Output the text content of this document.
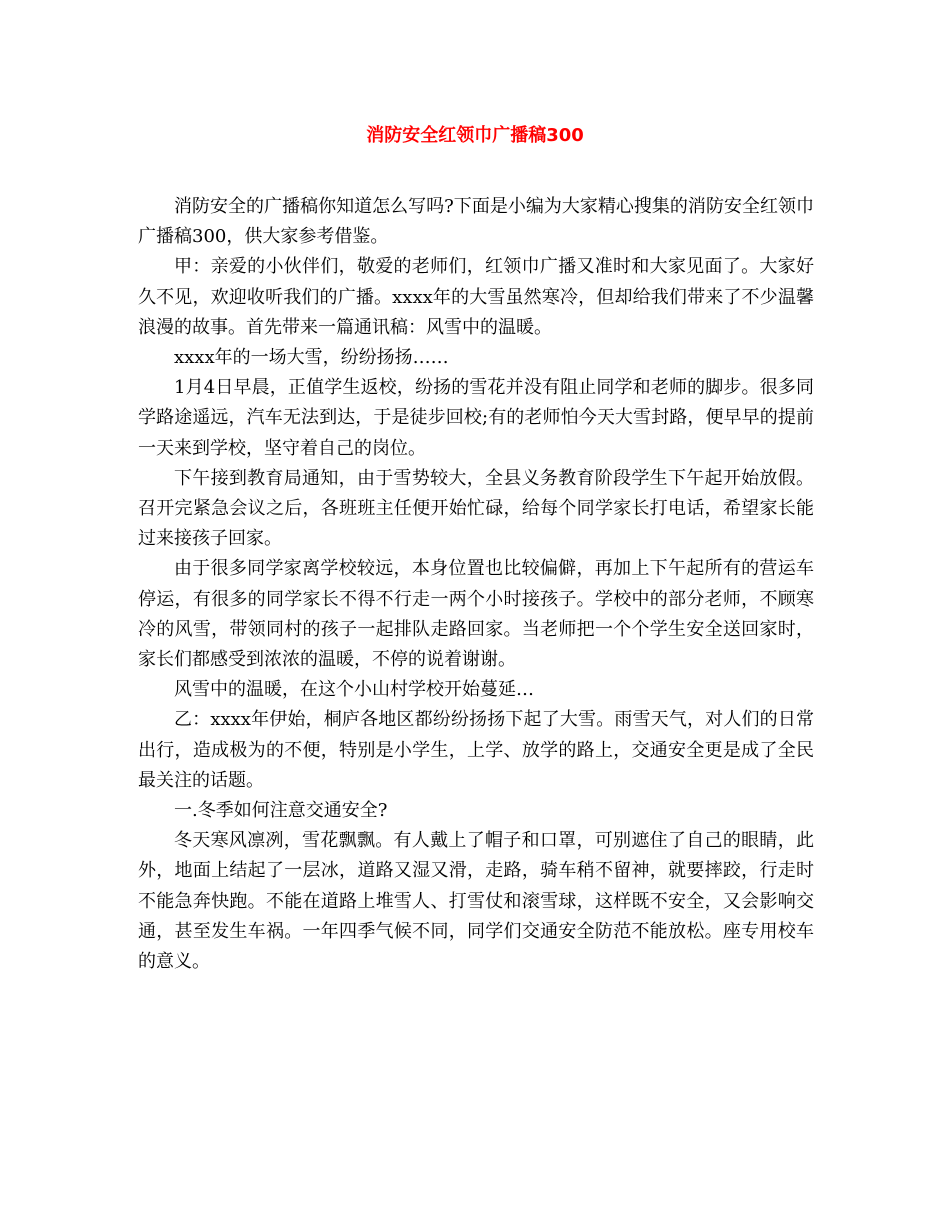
消防安全红领巾广播稿300

消防安全的广播稿你知道怎么写吗?下面是小编为大家精心搜集的消防安全红领巾广播稿300，供大家参考借鉴。

甲：亲爱的小伙伴们，敬爱的老师们，红领巾广播又准时和大家见面了。大家好久不见，欢迎收听我们的广播。xxxx年的大雪虽然寒冷，但却给我们带来了不少温馨浪漫的故事。首先带来一篇通讯稿：风雪中的温暖。

xxxx年的一场大雪，纷纷扬扬……

1月4日早晨，正值学生返校，纷扬的雪花并没有阻止同学和老师的脚步。很多同学路途遥远，汽车无法到达，于是徒步回校;有的老师怕今天大雪封路，便早早的提前一天来到学校，坚守着自己的岗位。

下午接到教育局通知，由于雪势较大，全县义务教育阶段学生下午起开始放假。召开完紧急会议之后，各班班主任便开始忙碌，给每个同学家长打电话，希望家长能过来接孩子回家。

由于很多同学家离学校较远，本身位置也比较偏僻，再加上下午起所有的营运车停运，有很多的同学家长不得不行走一两个小时接孩子。学校中的部分老师，不顾寒冷的风雪，带领同村的孩子一起排队走路回家。当老师把一个个学生安全送回家时，家长们都感受到浓浓的温暖，不停的说着谢谢。

风雪中的温暖，在这个小山村学校开始蔓延…

乙：xxxx年伊始，桐庐各地区都纷纷扬扬下起了大雪。雨雪天气，对人们的日常出行，造成极为的不便，特别是小学生，上学、放学的路上，交通安全更是成了全民最关注的话题。

一.冬季如何注意交通安全?

冬天寒风凛冽，雪花飘飘。有人戴上了帽子和口罩，可别遮住了自己的眼睛，此外，地面上结起了一层冰，道路又湿又滑，走路，骑车稍不留神，就要摔跤，行走时不能急奔快跑。不能在道路上堆雪人、打雪仗和滚雪球，这样既不安全，又会影响交通，甚至发生车祸。一年四季气候不同，同学们交通安全防范不能放松。座专用校车的意义。
